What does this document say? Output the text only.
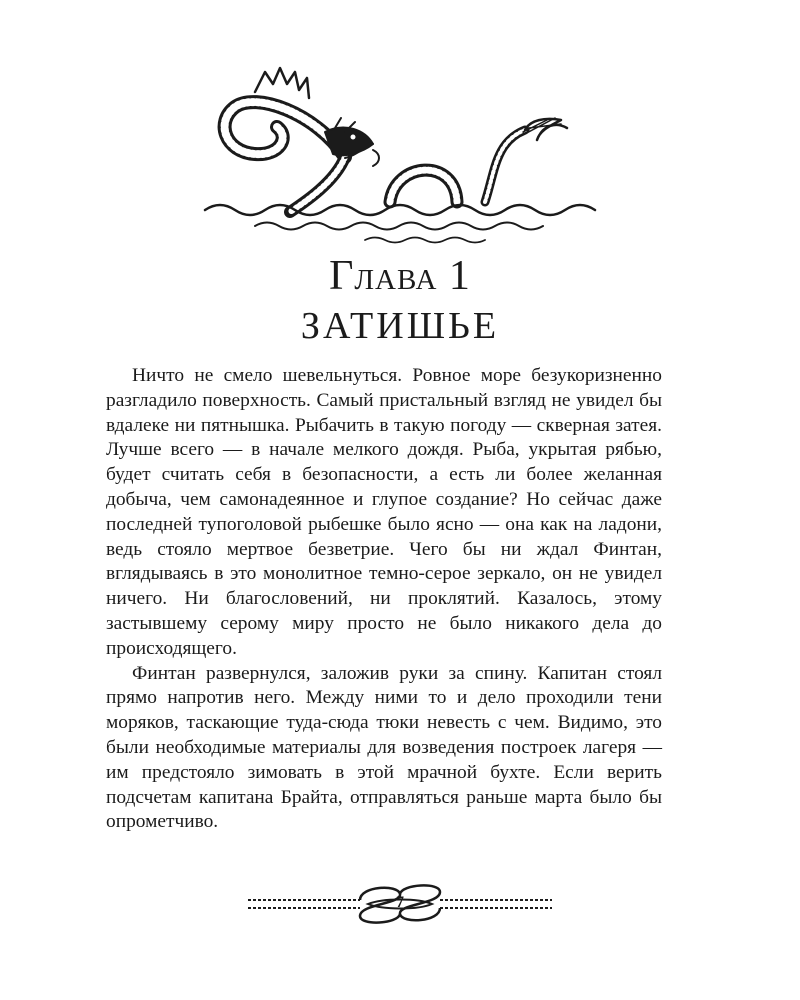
Глава 1
ЗАТИШЬЕ

Ничто не смело шевельнуться. Ровное море безукоризненно разгладило поверхность. Самый пристальный взгляд не увидел бы вдалеке ни пятнышка. Рыбачить в такую погоду — скверная затея. Лучше всего — в начале мелкого дождя. Рыба, укрытая рябью, будет считать себя в безопасности, а есть ли более желанная добыча, чем самонадеянное и глупое создание? Но сейчас даже последней тупоголовой рыбешке было ясно — она как на ладони, ведь стояло мертвое безветрие. Чего бы ни ждал Финтан, вглядываясь в это монолитное темно-серое зеркало, он не увидел ничего. Ни благословений, ни проклятий. Казалось, этому застывшему серому миру просто не было никакого дела до происходящего.

Финтан развернулся, заложив руки за спину. Капитан стоял прямо напротив него. Между ними то и дело проходили тени моряков, таскающие туда-сюда тюки невесть с чем. Видимо, это были необходимые материалы для возведения построек лагеря — им предстояло зимовать в этой мрачной бухте. Если верить подсчетам капитана Брайта, отправляться раньше марта было бы опрометчиво.

7
